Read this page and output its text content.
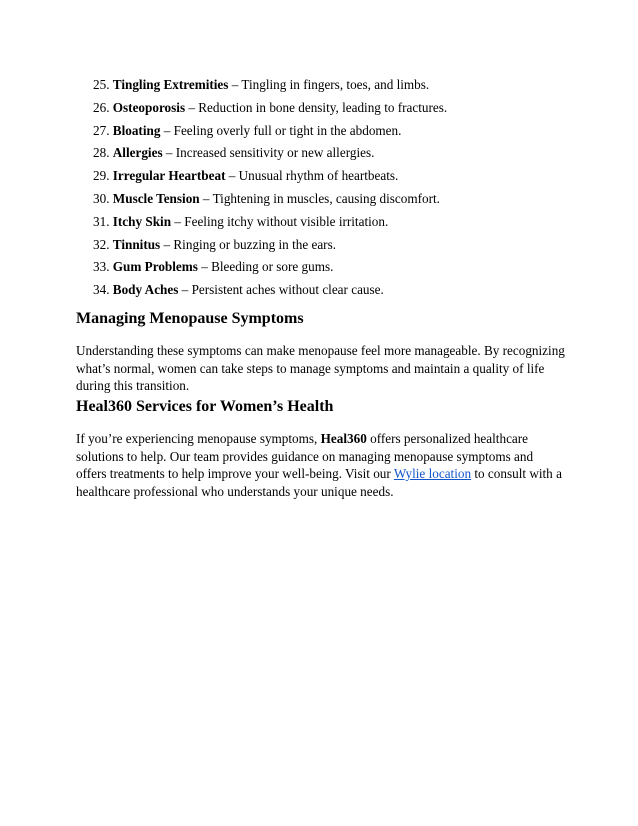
25. Tingling Extremities – Tingling in fingers, toes, and limbs.
26. Osteoporosis – Reduction in bone density, leading to fractures.
27. Bloating – Feeling overly full or tight in the abdomen.
28. Allergies – Increased sensitivity or new allergies.
29. Irregular Heartbeat – Unusual rhythm of heartbeats.
30. Muscle Tension – Tightening in muscles, causing discomfort.
31. Itchy Skin – Feeling itchy without visible irritation.
32. Tinnitus – Ringing or buzzing in the ears.
33. Gum Problems – Bleeding or sore gums.
34. Body Aches – Persistent aches without clear cause.
Managing Menopause Symptoms

Understanding these symptoms can make menopause feel more manageable. By recognizing what’s normal, women can take steps to manage symptoms and maintain a quality of life during this transition.

Heal360 Services for Women’s Health

If you’re experiencing menopause symptoms, Heal360 offers personalized healthcare solutions to help. Our team provides guidance on managing menopause symptoms and offers treatments to help improve your well-being. Visit our Wylie location to consult with a healthcare professional who understands your unique needs.
